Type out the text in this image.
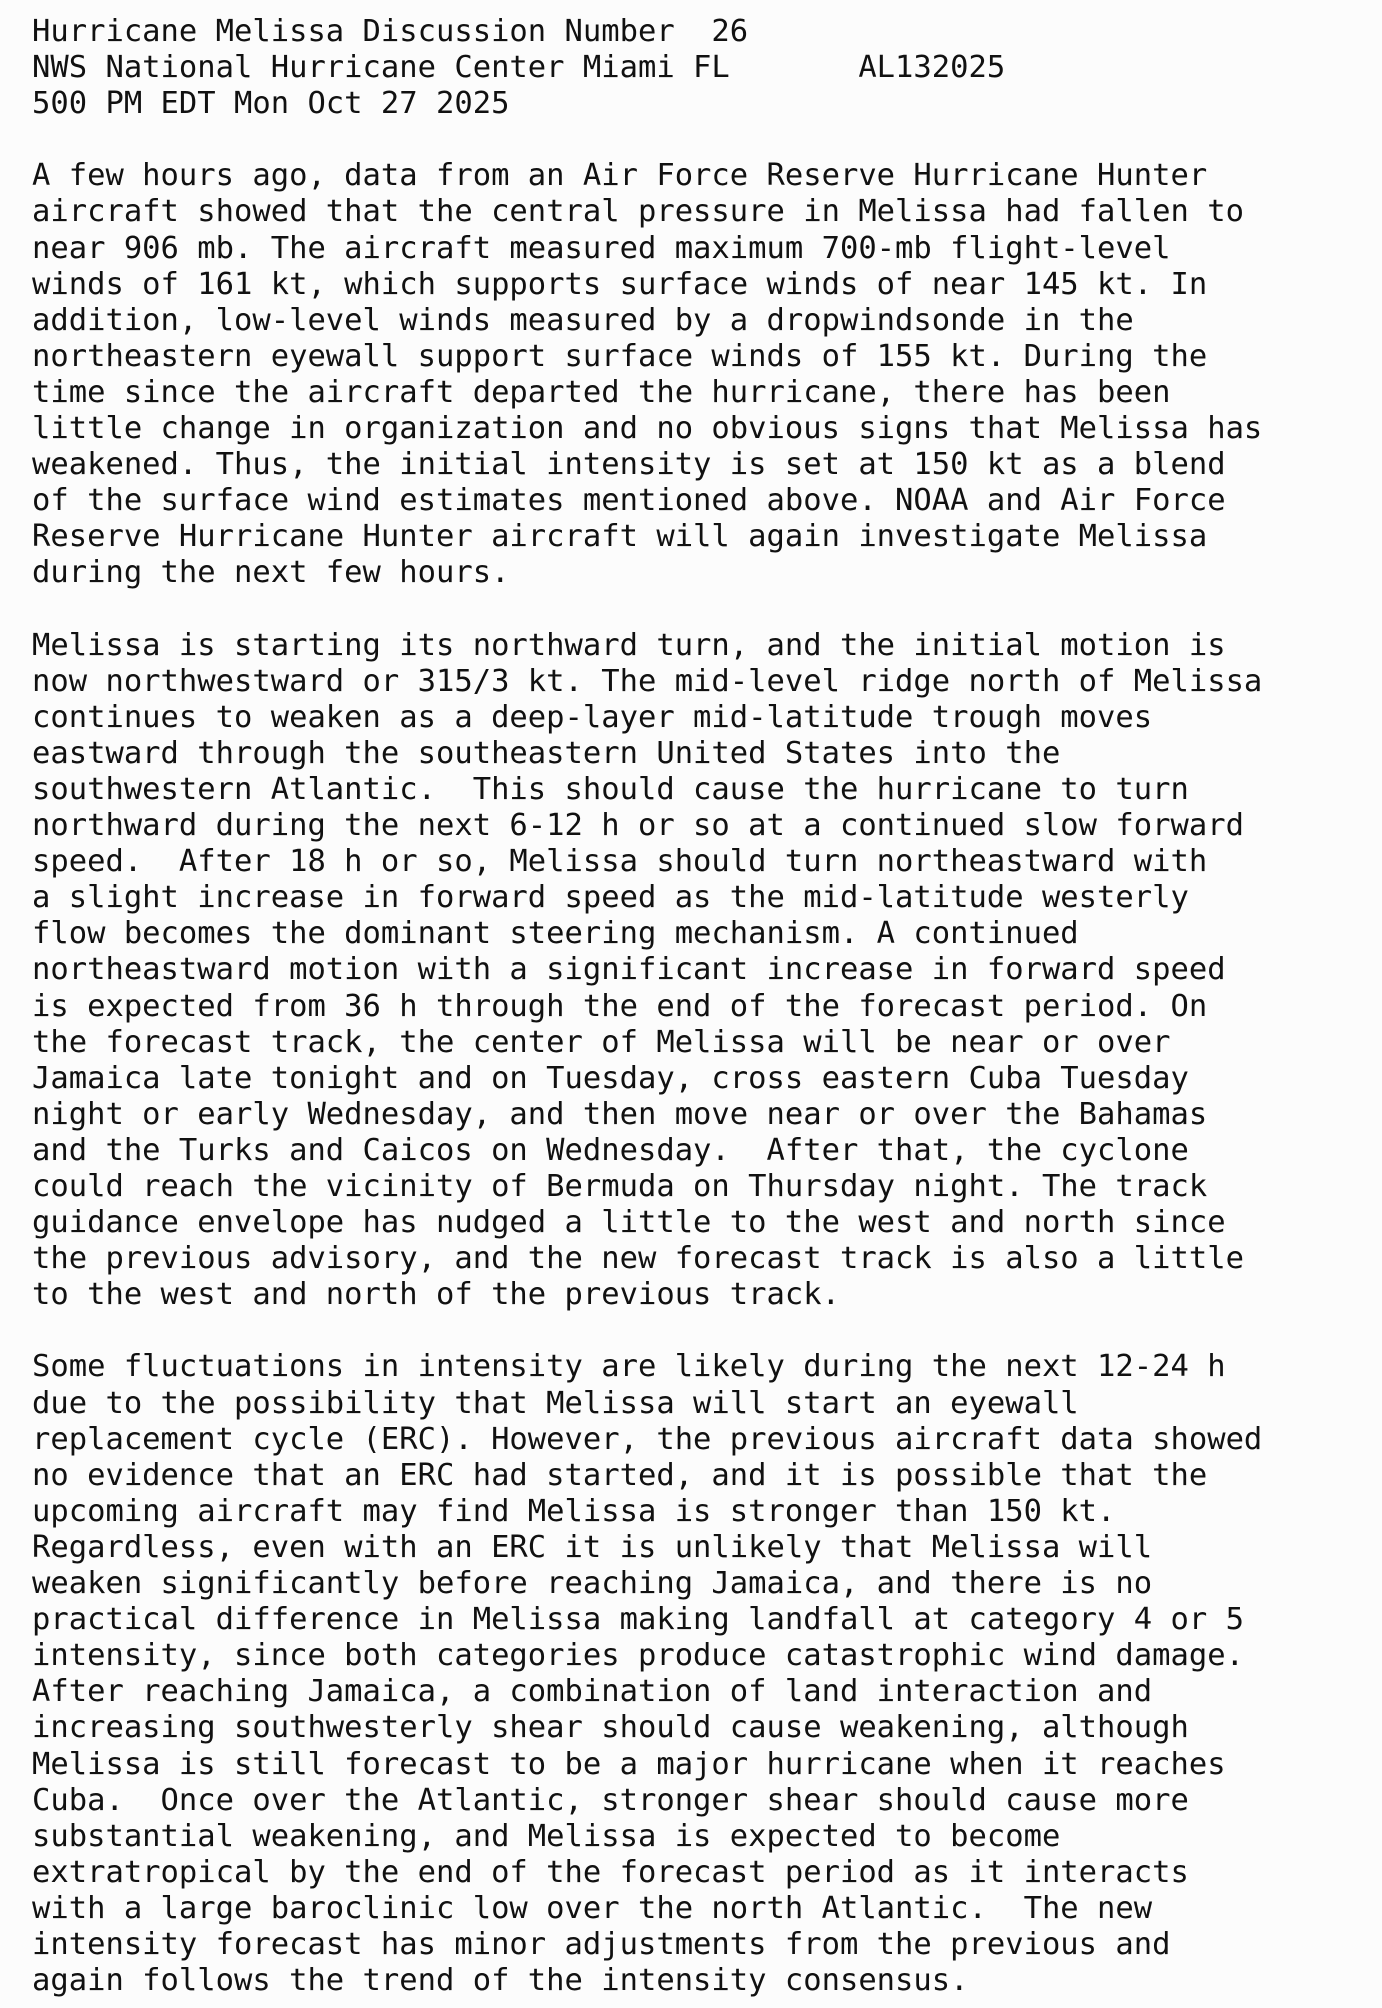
Hurricane Melissa Discussion Number  26
NWS National Hurricane Center Miami FL       AL132025
500 PM EDT Mon Oct 27 2025
A few hours ago, data from an Air Force Reserve Hurricane Hunter
aircraft showed that the central pressure in Melissa had fallen to
near 906 mb. The aircraft measured maximum 700-mb flight-level
winds of 161 kt, which supports surface winds of near 145 kt. In
addition, low-level winds measured by a dropwindsonde in the
northeastern eyewall support surface winds of 155 kt. During the
time since the aircraft departed the hurricane, there has been
little change in organization and no obvious signs that Melissa has
weakened. Thus, the initial intensity is set at 150 kt as a blend
of the surface wind estimates mentioned above. NOAA and Air Force
Reserve Hurricane Hunter aircraft will again investigate Melissa
during the next few hours.
Melissa is starting its northward turn, and the initial motion is
now northwestward or 315/3 kt. The mid-level ridge north of Melissa
continues to weaken as a deep-layer mid-latitude trough moves
eastward through the southeastern United States into the
southwestern Atlantic.  This should cause the hurricane to turn
northward during the next 6-12 h or so at a continued slow forward
speed.  After 18 h or so, Melissa should turn northeastward with
a slight increase in forward speed as the mid-latitude westerly
flow becomes the dominant steering mechanism. A continued
northeastward motion with a significant increase in forward speed
is expected from 36 h through the end of the forecast period. On
the forecast track, the center of Melissa will be near or over
Jamaica late tonight and on Tuesday, cross eastern Cuba Tuesday
night or early Wednesday, and then move near or over the Bahamas
and the Turks and Caicos on Wednesday.  After that, the cyclone
could reach the vicinity of Bermuda on Thursday night. The track
guidance envelope has nudged a little to the west and north since
the previous advisory, and the new forecast track is also a little
to the west and north of the previous track.
Some fluctuations in intensity are likely during the next 12-24 h
due to the possibility that Melissa will start an eyewall
replacement cycle (ERC). However, the previous aircraft data showed
no evidence that an ERC had started, and it is possible that the
upcoming aircraft may find Melissa is stronger than 150 kt.
Regardless, even with an ERC it is unlikely that Melissa will
weaken significantly before reaching Jamaica, and there is no
practical difference in Melissa making landfall at category 4 or 5
intensity, since both categories produce catastrophic wind damage.
After reaching Jamaica, a combination of land interaction and
increasing southwesterly shear should cause weakening, although
Melissa is still forecast to be a major hurricane when it reaches
Cuba.  Once over the Atlantic, stronger shear should cause more
substantial weakening, and Melissa is expected to become
extratropical by the end of the forecast period as it interacts
with a large baroclinic low over the north Atlantic.  The new
intensity forecast has minor adjustments from the previous and
again follows the trend of the intensity consensus.
